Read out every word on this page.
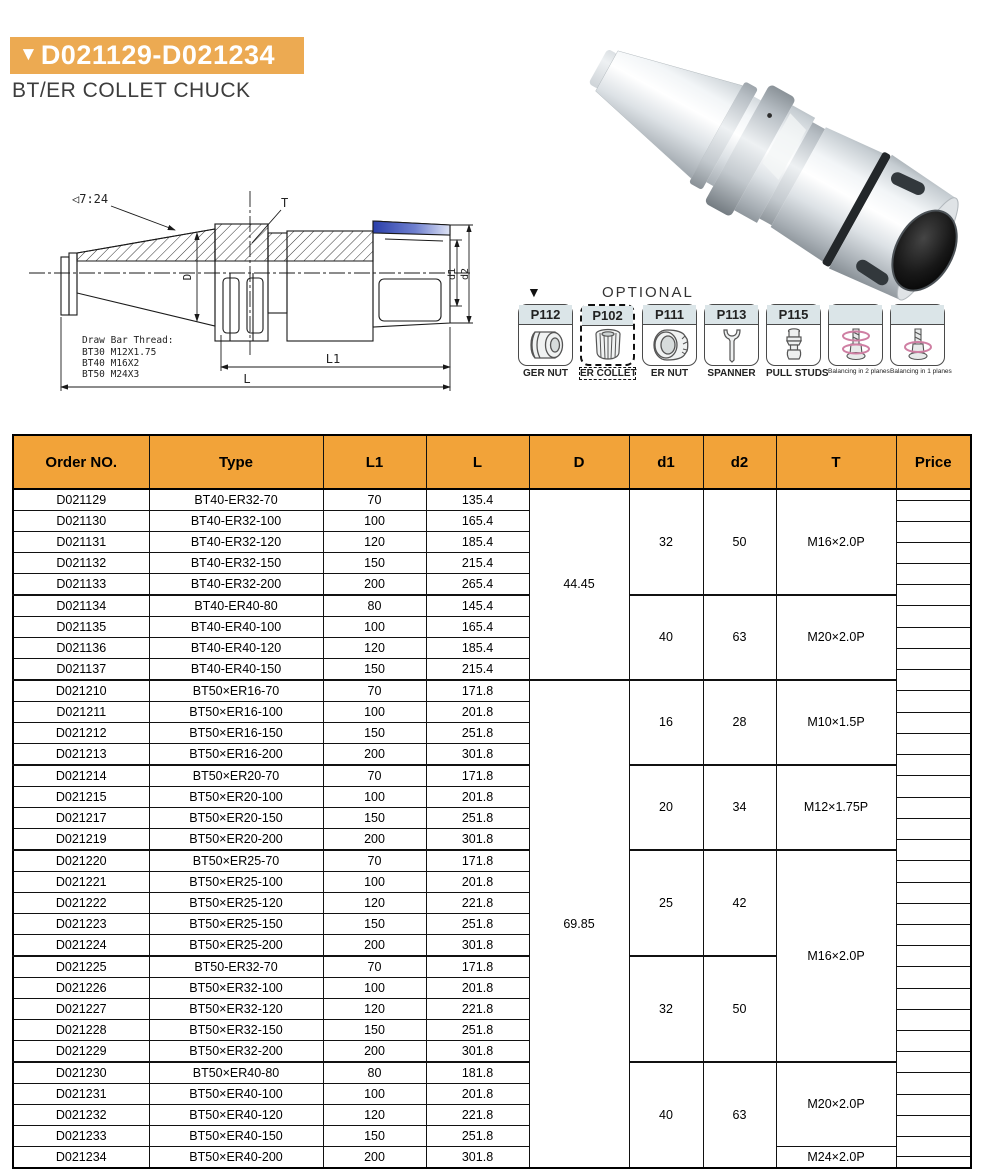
▼ D021129-D021234
BT/ER COLLET CHUCK
D	d1 d2
L1
L
◁7:24	T
Draw Bar Thread:
BT30 M12X1.75
BT40 M16X2
BT50 M24X3
▼	OPTIONAL
P112	P102	P111	P113	P115
GER NUT	ER COLLET	ER NUT	SPANNER	PULL STUDS Balancing in 2 planes Balancing in 1 planes
Order NO.	Type	L1	L	D	d1	d2	T	Price
D021129	BT40-ER32-70	70	135.4	44.45	32	50	M16×2.0P	
D021130	BT40-ER32-100	100	165.4					
D021131	BT40-ER32-120	120	185.4					
D021132	BT40-ER32-150	150	215.4					
D021133	BT40-ER32-200	200	265.4					
D021134	BT40-ER40-80	80	145.4		40	63	M20×2.0P	
D021135	BT40-ER40-100	100	165.4					
D021136	BT40-ER40-120	120	185.4					
D021137	BT40-ER40-150	150	215.4					
D021210	BT50×ER16-70	70	171.8	69.85	16	28	M10×1.5P	
D021211	BT50×ER16-100	100	201.8					
D021212	BT50×ER16-150	150	251.8					
D021213	BT50×ER16-200	200	301.8					
D021214	BT50×ER20-70	70	171.8		20	34	M12×1.75P	
D021215	BT50×ER20-100	100	201.8					
D021217	BT50×ER20-150	150	251.8					
D021219	BT50×ER20-200	200	301.8					
D021220	BT50×ER25-70	70	171.8		25	42	M16×2.0P	
D021221	BT50×ER25-100	100	201.8					
D021222	BT50×ER25-120	120	221.8					
D021223	BT50×ER25-150	150	251.8					
D021224	BT50×ER25-200	200	301.8					
D021225	BT50-ER32-70	70	171.8		32	50		
D021226	BT50×ER32-100	100	201.8					
D021227	BT50×ER32-120	120	221.8					
D021228	BT50×ER32-150	150	251.8					
D021229	BT50×ER32-200	200	301.8					
D021230	BT50×ER40-80	80	181.8		40	63	M20×2.0P	
D021231	BT50×ER40-100	100	201.8					
D021232	BT50×ER40-120	120	221.8					
D021233	BT50×ER40-150	150	251.8					
D021234	BT50×ER40-200	200	301.8				M24×2.0P	
